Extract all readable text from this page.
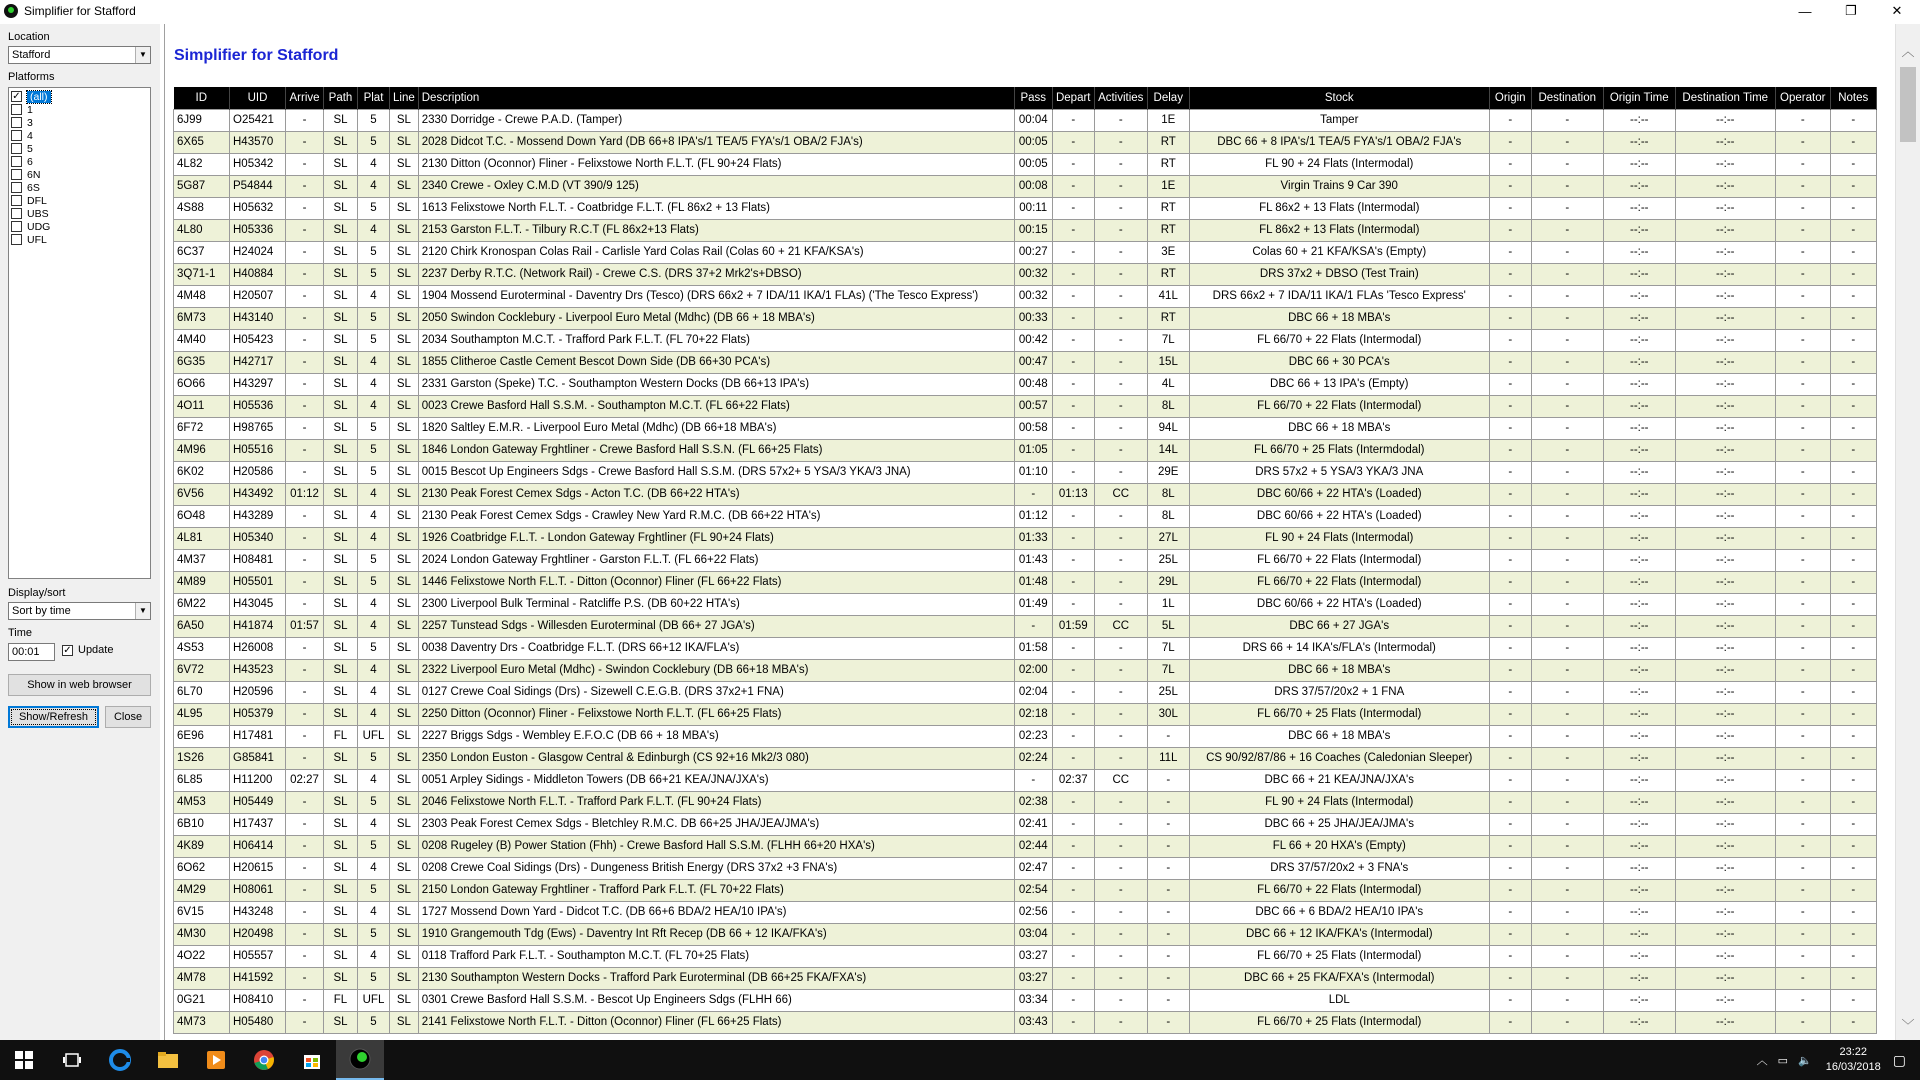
Simplifier for Stafford	—	❐	✕
Location
Stafford	▼
Platforms
✓ (all)
1
3
4
5
6
6N
6S
DFL
UBS
UDG
UFL
Display/sort
Sort by time	▼
Time
00:01	✓ Update
Show in web browser
Show/Refresh	Close
Simplifier for Stafford
ID	UID	Arrive	Path	Plat	Line	Description	Pass	Depart	Activities	Delay	Stock	Origin	Destination	Origin Time	Destination Time	Operator	Notes
6J99	O25421	-	SL	5	SL	2330 Dorridge - Crewe P.A.D. (Tamper)	00:04	-	-	1E	Tamper	-	-	--:--	--:--	-	-
6X65	H43570	-	SL	5	SL	2028 Didcot T.C. - Mossend Down Yard (DB 66+8 IPA's/1 TEA/5 FYA's/1 OBA/2 FJA's)	00:05	-	-	RT	DBC 66 + 8 IPA's/1 TEA/5 FYA's/1 OBA/2 FJA's	-	-	--:--	--:--	-	-
4L82	H05342	-	SL	4	SL	2130 Ditton (Oconnor) Fliner - Felixstowe North F.L.T. (FL 90+24 Flats)	00:05	-	-	RT	FL 90 + 24 Flats (Intermodal)	-	-	--:--	--:--	-	-
5G87	P54844	-	SL	4	SL	2340 Crewe - Oxley C.M.D (VT 390/9 125)	00:08	-	-	1E	Virgin Trains 9 Car 390	-	-	--:--	--:--	-	-
4S88	H05632	-	SL	5	SL	1613 Felixstowe North F.L.T. - Coatbridge F.L.T. (FL 86x2 + 13 Flats)	00:11	-	-	RT	FL 86x2 + 13 Flats (Intermodal)	-	-	--:--	--:--	-	-
4L80	H05336	-	SL	4	SL	2153 Garston F.L.T. - Tilbury R.C.T (FL 86x2+13 Flats)	00:15	-	-	RT	FL 86x2 + 13 Flats (Intermodal)	-	-	--:--	--:--	-	-
6C37	H24024	-	SL	5	SL	2120 Chirk Kronospan Colas Rail - Carlisle Yard Colas Rail (Colas 60 + 21 KFA/KSA's)	00:27	-	-	3E	Colas 60 + 21 KFA/KSA's (Empty)	-	-	--:--	--:--	-	-
3Q71-1	H40884	-	SL	5	SL	2237 Derby R.T.C. (Network Rail) - Crewe C.S. (DRS 37+2 Mrk2's+DBSO)	00:32	-	-	RT	DRS 37x2 + DBSO (Test Train)	-	-	--:--	--:--	-	-
4M48	H20507	-	SL	4	SL	1904 Mossend Euroterminal - Daventry Drs (Tesco) (DRS 66x2 + 7 IDA/11 IKA/1 FLAs) ('The Tesco Express')	00:32	-	-	41L	DRS 66x2 + 7 IDA/11 IKA/1 FLAs 'Tesco Express'	-	-	--:--	--:--	-	-
6M73	H43140	-	SL	5	SL	2050 Swindon Cocklebury - Liverpool Euro Metal (Mdhc) (DB 66 + 18 MBA's)	00:33	-	-	RT	DBC 66 + 18 MBA's	-	-	--:--	--:--	-	-
4M40	H05423	-	SL	5	SL	2034 Southampton M.C.T. - Trafford Park F.L.T. (FL 70+22 Flats)	00:42	-	-	7L	FL 66/70 + 22 Flats (Intermodal)	-	-	--:--	--:--	-	-
6G35	H42717	-	SL	4	SL	1855 Clitheroe Castle Cement Bescot Down Side (DB 66+30 PCA's)	00:47	-	-	15L	DBC 66 + 30 PCA's	-	-	--:--	--:--	-	-
6O66	H43297	-	SL	4	SL	2331 Garston (Speke) T.C. - Southampton Western Docks (DB 66+13 IPA's)	00:48	-	-	4L	DBC 66 + 13 IPA's (Empty)	-	-	--:--	--:--	-	-
4O11	H05536	-	SL	4	SL	0023 Crewe Basford Hall S.S.M. - Southampton M.C.T. (FL 66+22 Flats)	00:57	-	-	8L	FL 66/70 + 22 Flats (Intermodal)	-	-	--:--	--:--	-	-
6F72	H98765	-	SL	5	SL	1820 Saltley E.M.R. - Liverpool Euro Metal (Mdhc) (DB 66+18 MBA's)	00:58	-	-	94L	DBC 66 + 18 MBA's	-	-	--:--	--:--	-	-
4M96	H05516	-	SL	5	SL	1846 London Gateway Frghtliner - Crewe Basford Hall S.S.N. (FL 66+25 Flats)	01:05	-	-	14L	FL 66/70 + 25 Flats (Intermdodal)	-	-	--:--	--:--	-	-
6K02	H20586	-	SL	5	SL	0015 Bescot Up Engineers Sdgs - Crewe Basford Hall S.S.M. (DRS 57x2+ 5 YSA/3 YKA/3 JNA)	01:10	-	-	29E	DRS 57x2 + 5 YSA/3 YKA/3 JNA	-	-	--:--	--:--	-	-
6V56	H43492	01:12	SL	4	SL	2130 Peak Forest Cemex Sdgs - Acton T.C. (DB 66+22 HTA's)	-	01:13	CC	8L	DBC 60/66 + 22 HTA's (Loaded)	-	-	--:--	--:--	-	-
6O48	H43289	-	SL	4	SL	2130 Peak Forest Cemex Sdgs - Crawley New Yard R.M.C. (DB 66+22 HTA's)	01:12	-	-	8L	DBC 60/66 + 22 HTA's (Loaded)	-	-	--:--	--:--	-	-
4L81	H05340	-	SL	4	SL	1926 Coatbridge F.L.T. - London Gateway Frghtliner (FL 90+24 Flats)	01:33	-	-	27L	FL 90 + 24 Flats (Intermodal)	-	-	--:--	--:--	-	-
4M37	H08481	-	SL	5	SL	2024 London Gateway Frghtliner - Garston F.L.T. (FL 66+22 Flats)	01:43	-	-	25L	FL 66/70 + 22 Flats (Intermodal)	-	-	--:--	--:--	-	-
4M89	H05501	-	SL	5	SL	1446 Felixstowe North F.L.T. - Ditton (Oconnor) Fliner (FL 66+22 Flats)	01:48	-	-	29L	FL 66/70 + 22 Flats (Intermodal)	-	-	--:--	--:--	-	-
6M22	H43045	-	SL	4	SL	2300 Liverpool Bulk Terminal - Ratcliffe P.S. (DB 60+22 HTA's)	01:49	-	-	1L	DBC 60/66 + 22 HTA's (Loaded)	-	-	--:--	--:--	-	-
6A50	H41874	01:57	SL	4	SL	2257 Tunstead Sdgs - Willesden Euroterminal (DB 66+ 27 JGA's)	-	01:59	CC	5L	DBC 66 + 27 JGA's	-	-	--:--	--:--	-	-
4S53	H26008	-	SL	5	SL	0038 Daventry Drs - Coatbridge F.L.T. (DRS 66+12 IKA/FLA's)	01:58	-	-	7L	DRS 66 + 14 IKA's/FLA's (Intermodal)	-	-	--:--	--:--	-	-
6V72	H43523	-	SL	4	SL	2322 Liverpool Euro Metal (Mdhc) - Swindon Cocklebury (DB 66+18 MBA's)	02:00	-	-	7L	DBC 66 + 18 MBA's	-	-	--:--	--:--	-	-
6L70	H20596	-	SL	4	SL	0127 Crewe Coal Sidings (Drs) - Sizewell C.E.G.B. (DRS 37x2+1 FNA)	02:04	-	-	25L	DRS 37/57/20x2 + 1 FNA	-	-	--:--	--:--	-	-
4L95	H05379	-	SL	4	SL	2250 Ditton (Oconnor) Fliner - Felixstowe North F.L.T. (FL 66+25 Flats)	02:18	-	-	30L	FL 66/70 + 25 Flats (Intermodal)	-	-	--:--	--:--	-	-
6E96	H17481	-	FL	UFL	SL	2227 Briggs Sdgs - Wembley E.F.O.C (DB 66 + 18 MBA's)	02:23	-	-	-	DBC 66 + 18 MBA's	-	-	--:--	--:--	-	-
1S26	G85841	-	SL	5	SL	2350 London Euston - Glasgow Central & Edinburgh (CS 92+16 Mk2/3 080)	02:24	-	-	11L	CS 90/92/87/86 + 16 Coaches (Caledonian Sleeper)	-	-	--:--	--:--	-	-
6L85	H11200	02:27	SL	4	SL	0051 Arpley Sidings - Middleton Towers (DB 66+21 KEA/JNA/JXA's)	-	02:37	CC	-	DBC 66 + 21 KEA/JNA/JXA's	-	-	--:--	--:--	-	-
4M53	H05449	-	SL	5	SL	2046 Felixstowe North F.L.T. - Trafford Park F.L.T. (FL 90+24 Flats)	02:38	-	-	-	FL 90 + 24 Flats (Intermodal)	-	-	--:--	--:--	-	-
6B10	H17437	-	SL	4	SL	2303 Peak Forest Cemex Sdgs - Bletchley R.M.C. DB 66+25 JHA/JEA/JMA's)	02:41	-	-	-	DBC 66 + 25 JHA/JEA/JMA's	-	-	--:--	--:--	-	-
4K89	H06414	-	SL	5	SL	0208 Rugeley (B) Power Station (Fhh) - Crewe Basford Hall S.S.M. (FLHH 66+20 HXA's)	02:44	-	-	-	FL 66 + 20 HXA's (Empty)	-	-	--:--	--:--	-	-
6O62	H20615	-	SL	4	SL	0208 Crewe Coal Sidings (Drs) - Dungeness British Energy (DRS 37x2 +3 FNA's)	02:47	-	-	-	DRS 37/57/20x2 + 3 FNA's	-	-	--:--	--:--	-	-
4M29	H08061	-	SL	5	SL	2150 London Gateway Frghtliner - Trafford Park F.L.T. (FL 70+22 Flats)	02:54	-	-	-	FL 66/70 + 22 Flats (Intermodal)	-	-	--:--	--:--	-	-
6V15	H43248	-	SL	4	SL	1727 Mossend Down Yard - Didcot T.C. (DB 66+6 BDA/2 HEA/10 IPA's)	02:56	-	-	-	DBC 66 + 6 BDA/2 HEA/10 IPA's	-	-	--:--	--:--	-	-
4M30	H20498	-	SL	5	SL	1910 Grangemouth Tdg (Ews) - Daventry Int Rft Recep (DB 66 + 12 IKA/FKA's)	03:04	-	-	-	DBC 66 + 12 IKA/FKA's (Intermodal)	-	-	--:--	--:--	-	-
4O22	H05557	-	SL	4	SL	0118 Trafford Park F.L.T. - Southampton M.C.T. (FL 70+25 Flats)	03:27	-	-	-	FL 66/70 + 25 Flats (Intermodal)	-	-	--:--	--:--	-	-
4M78	H41592	-	SL	5	SL	2130 Southampton Western Docks - Trafford Park Euroterminal (DB 66+25 FKA/FXA's)	03:27	-	-	-	DBC 66 + 25 FKA/FXA's (Intermodal)	-	-	--:--	--:--	-	-
0G21	H08410	-	FL	UFL	SL	0301 Crewe Basford Hall S.S.M. - Bescot Up Engineers Sdgs (FLHH 66)	03:34	-	-	-	LDL	-	-	--:--	--:--	-	-
4M73	H05480	-	SL	5	SL	2141 Felixstowe North F.L.T. - Ditton (Oconnor) Fliner (FL 66+25 Flats)	03:43	-	-	-	FL 66/70 + 25 Flats (Intermodal)	-	-	--:--	--:--	-	-
︿
﹀
︿ ▭ 🔈
23:22
16/03/2018 ▢
